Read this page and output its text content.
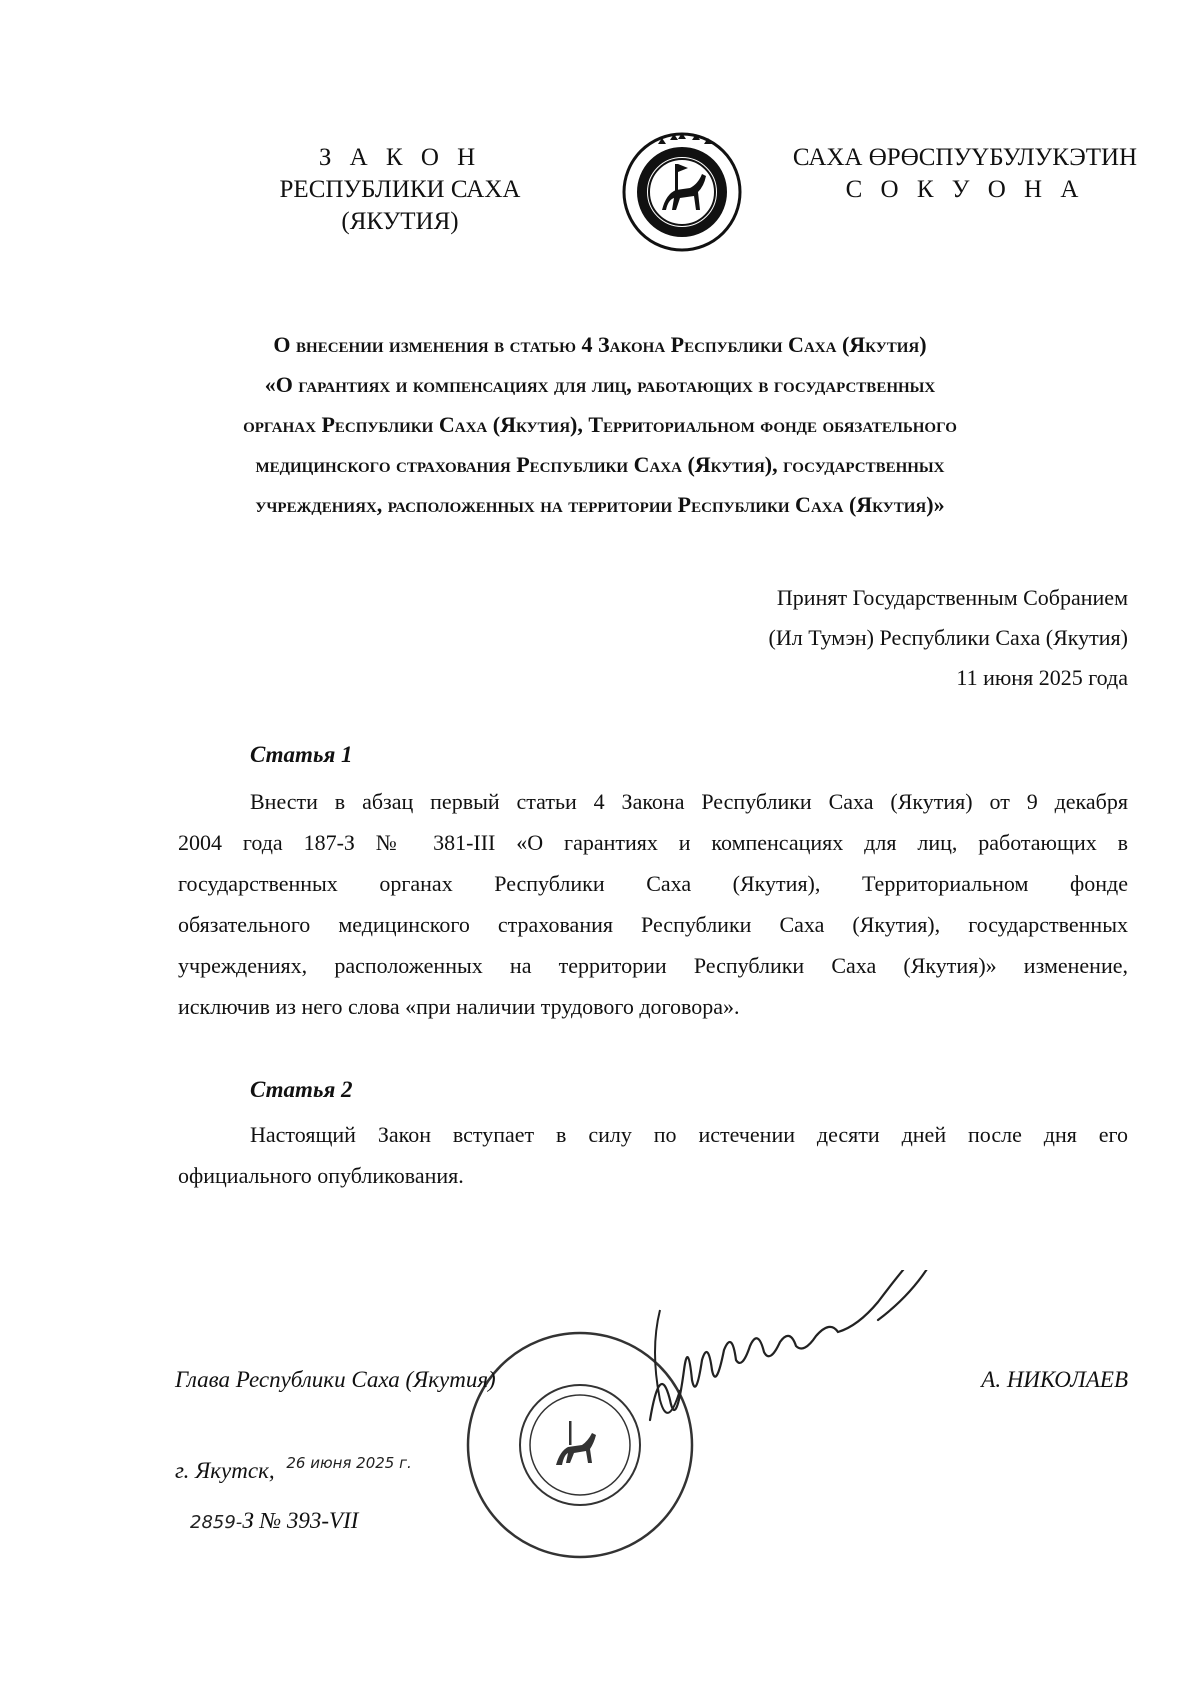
З А К О Н
РЕСПУБЛИКИ САХА (ЯКУТИЯ)
САХА ӨРӨСПУҮБУЛУКЭТИН
С О К У О Н А
О внесении изменения в статью 4 Закона Республики Саха (Якутия)
«О гарантиях и компенсациях для лиц, работающих в государственных
органах Республики Саха (Якутия), Территориальном фонде обязательного
медицинского страхования Республики Саха (Якутия), государственных
учреждениях, расположенных на территории Республики Саха (Якутия)»
Принят Государственным Собранием
(Ил Тумэн) Республики Саха (Якутия)
11 июня 2025 года
Статья 1
Внести в абзац первый статьи 4 Закона Республики Саха (Якутия) от 9 декабря
2004 года 187-З № 381-III «О гарантиях и компенсациях для лиц, работающих в
государственных органах Республики Саха (Якутия), Территориальном фонде
обязательного медицинского страхования Республики Саха (Якутия), государственных
учреждениях, расположенных на территории Республики Саха (Якутия)» изменение,
исключив из него слова «при наличии трудового договора».
Статья 2
Настоящий Закон вступает в силу по истечении десяти дней после дня его
официального опубликования.
Глава Республики Саха (Якутия)	А. НИКОЛАЕВ
г. Якутск, $^{26 июня 2025 г.}$
2859-З № 393-VII
